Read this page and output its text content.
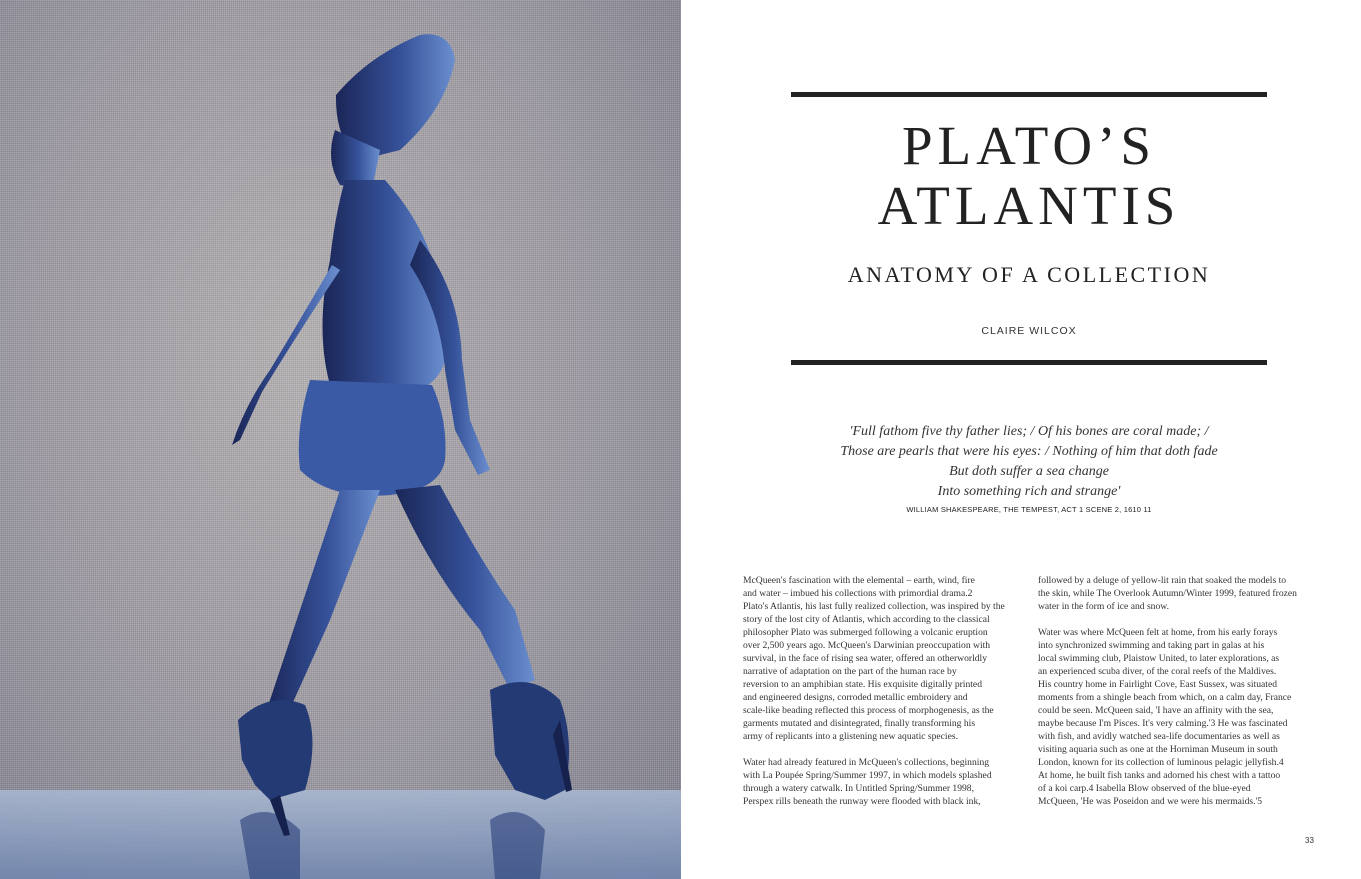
PLATO’S
ATLANTIS
ANATOMY OF A COLLECTION
CLAIRE WILCOX
'Full fathom five thy father lies; / Of his bones are coral made; /
Those are pearls that were his eyes: / Nothing of him that doth fade
But doth suffer a sea change
Into something rich and strange'
WILLIAM SHAKESPEARE, THE TEMPEST, ACT 1 SCENE 2, 1610 11

McQueen's fascination with the elemental – earth, wind, fire
and water – imbued his collections with primordial drama.2
Plato's Atlantis, his last fully realized collection, was inspired by the
story of the lost city of Atlantis, which according to the classical
philosopher Plato was submerged following a volcanic eruption
over 2,500 years ago. McQueen's Darwinian preoccupation with
survival, in the face of rising sea water, offered an otherworldly
narrative of adaptation on the part of the human race by
reversion to an amphibian state. His exquisite digitally printed
and engineered designs, corroded metallic embroidery and
scale-like beading reflected this process of morphogenesis, as the
garments mutated and disintegrated, finally transforming his
army of replicants into a glistening new aquatic species.

Water had already featured in McQueen's collections, beginning
with La Poupée Spring/Summer 1997, in which models splashed
through a watery catwalk. In Untitled Spring/Summer 1998,
Perspex rills beneath the runway were flooded with black ink,

followed by a deluge of yellow-lit rain that soaked the models to
the skin, while The Overlook Autumn/Winter 1999, featured frozen
water in the form of ice and snow.

Water was where McQueen felt at home, from his early forays
into synchronized swimming and taking part in galas at his
local swimming club, Plaistow United, to later explorations, as
an experienced scuba diver, of the coral reefs of the Maldives.
His country home in Fairlight Cove, East Sussex, was situated
moments from a shingle beach from which, on a calm day, France
could be seen. McQueen said, 'I have an affinity with the sea,
maybe because I'm Pisces. It's very calming.'3 He was fascinated
with fish, and avidly watched sea-life documentaries as well as
visiting aquaria such as one at the Horniman Museum in south
London, known for its collection of luminous pelagic jellyfish.4
At home, he built fish tanks and adorned his chest with a tattoo
of a koi carp.4 Isabella Blow observed of the blue-eyed
McQueen, 'He was Poseidon and we were his mermaids.'5

33
